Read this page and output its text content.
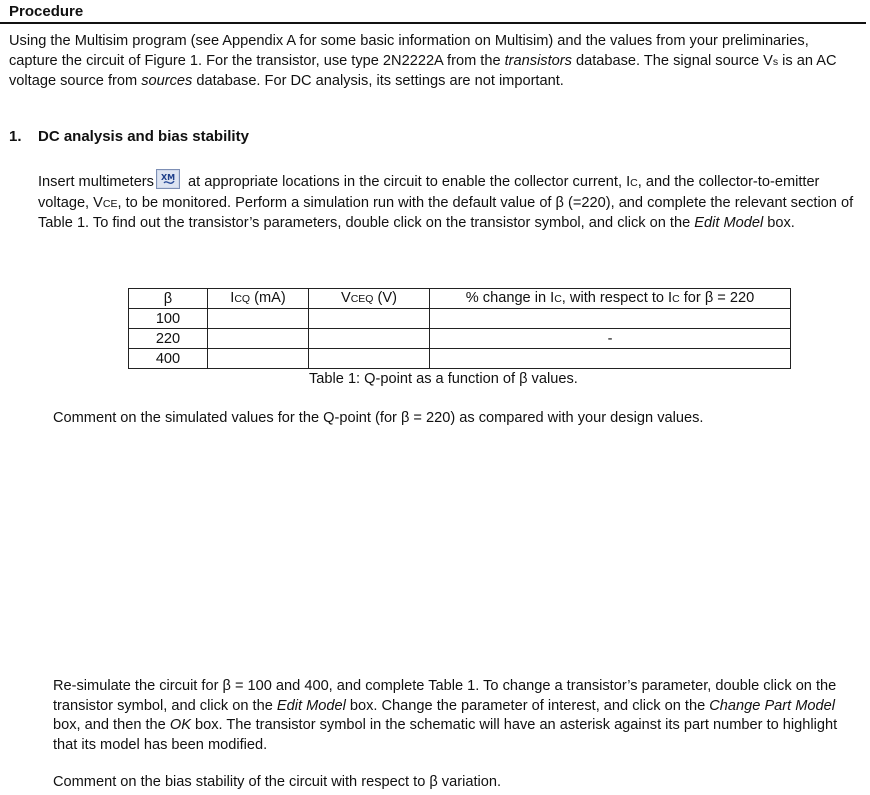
Procedure
Using the Multisim program (see Appendix A for some basic information on Multisim) and the values from your preliminaries, capture the circuit of Figure 1. For the transistor, use type 2N2222A from the transistors database. The signal source Vs is an AC voltage source from sources database. For DC analysis, its settings are not important.
1. DC analysis and bias stability
Insert multimeters XM at appropriate locations in the circuit to enable the collector current, IC, and the collector-to-emitter voltage, VCE, to be monitored. Perform a simulation run with the default value of β (=220), and complete the relevant section of Table 1. To find out the transistor’s parameters, double click on the transistor symbol, and click on the Edit Model box.
β	ICQ (mA)	VCEQ (V)	% change in IC, with respect to IC for β = 220
100			
220			-
400			
Table 1: Q-point as a function of β values.
Comment on the simulated values for the Q-point (for β = 220) as compared with your design values.
Re-simulate the circuit for β = 100 and 400, and complete Table 1. To change a transistor’s parameter, double click on the transistor symbol, and click on the Edit Model box. Change the parameter of interest, and click on the Change Part Model box, and then the OK box. The transistor symbol in the schematic will have an asterisk against its part number to highlight that its model has been modified.
Comment on the bias stability of the circuit with respect to β variation.
